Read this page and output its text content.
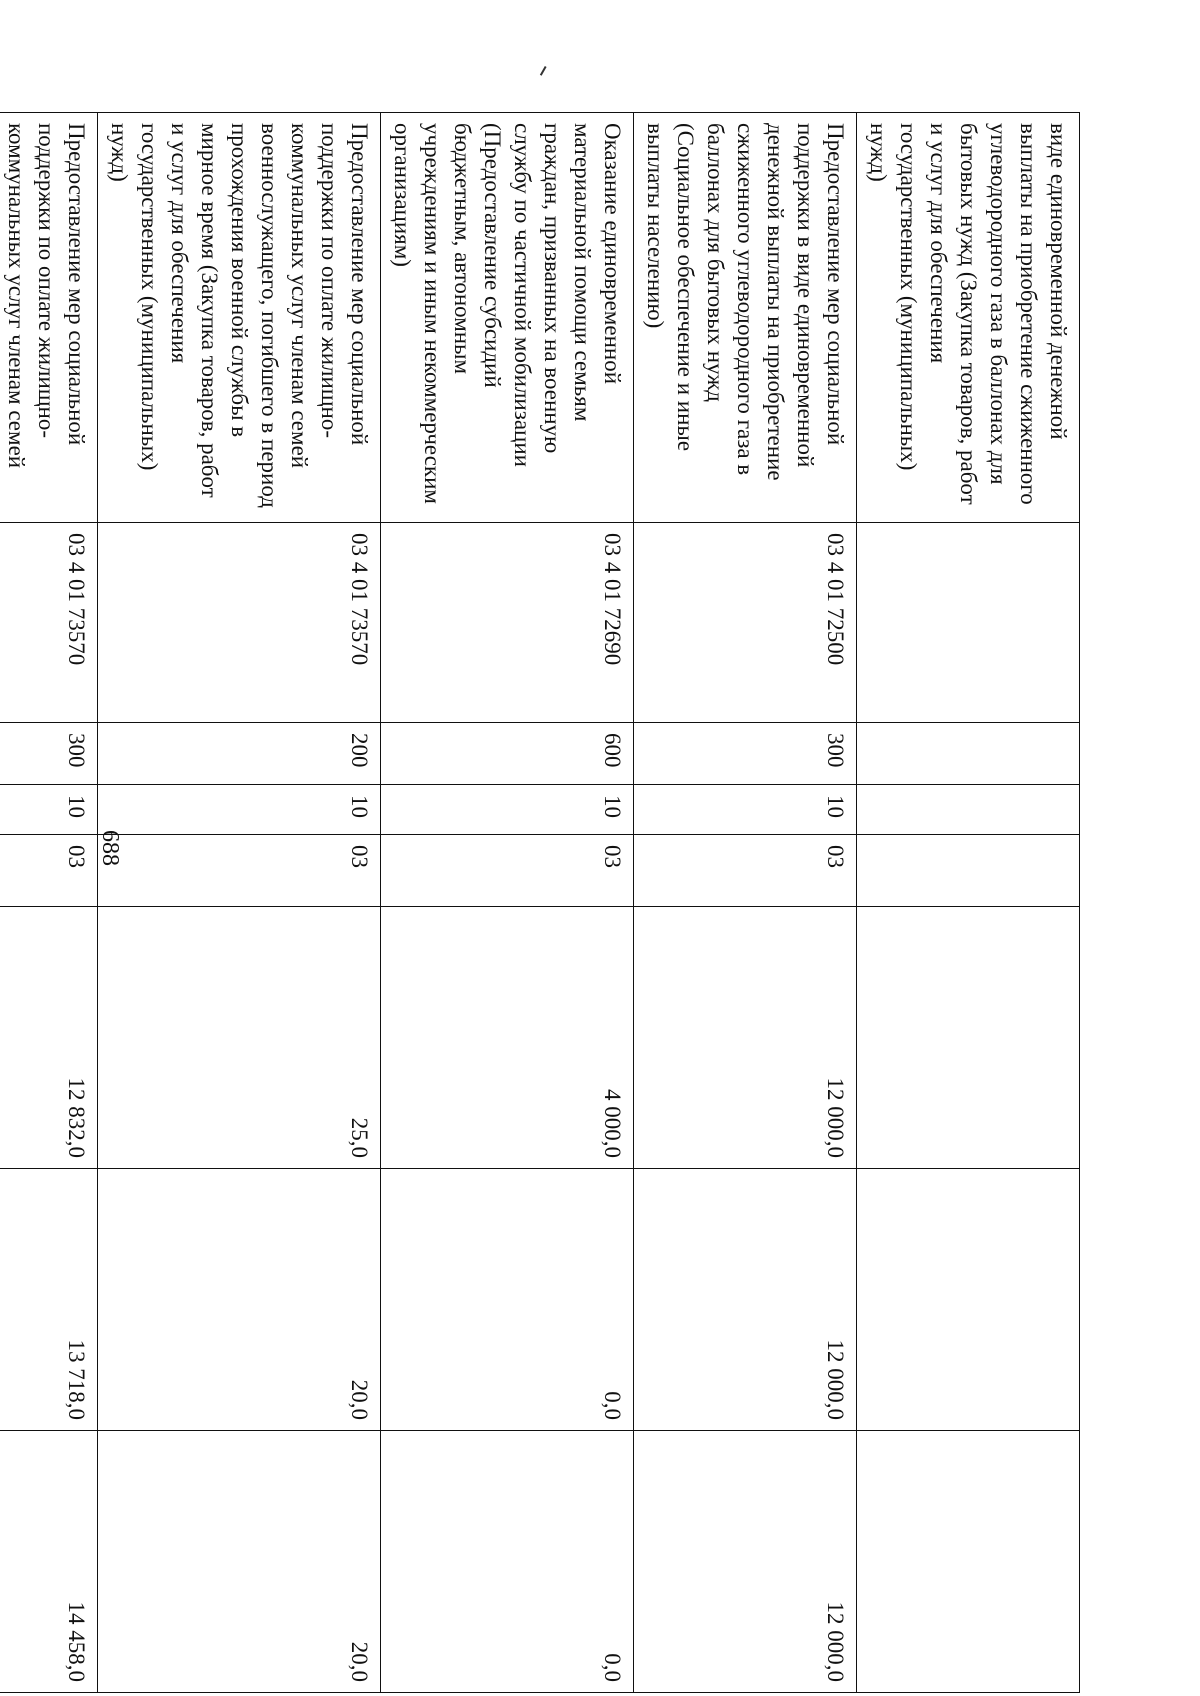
688
виде единовременной денежной выплаты на приобретение сжиженного углеводородного газа в баллонах для бытовых нужд (Закупка товаров, работ и услуг для обеспечения государственных (муниципальных) нужд)							
Предоставление мер социальной поддержки в виде единовременной денежной выплаты на приобретение сжиженного углеводородного газа в баллонах для бытовых нужд (Социальное обеспечение и иные выплаты населению)	03 4 01 72500	300	10	03	12 000,0	12 000,0	12 000,0
Оказание единовременной материальной помощи семьям граждан, призванных на военную службу по частичной мобилизации (Предоставление субсидий бюджетным, автономным учреждениям и иным некоммерческим организациям)	03 4 01 72690	600	10	03	4 000,0	0,0	0,0
Предоставление мер социальной поддержки по оплате жилищно-коммунальных услуг членам семей военнослужащего, погибшего в период прохождения военной службы в мирное время (Закупка товаров, работ и услуг для обеспечения государственных (муниципальных) нужд)	03 4 01 73570	200	10	03	25,0	20,0	20,0
Предоставление мер социальной поддержки по оплате жилищно-коммунальных услуг членам семей	03 4 01 73570	300	10	03	12 832,0	13 718,0	14 458,0
